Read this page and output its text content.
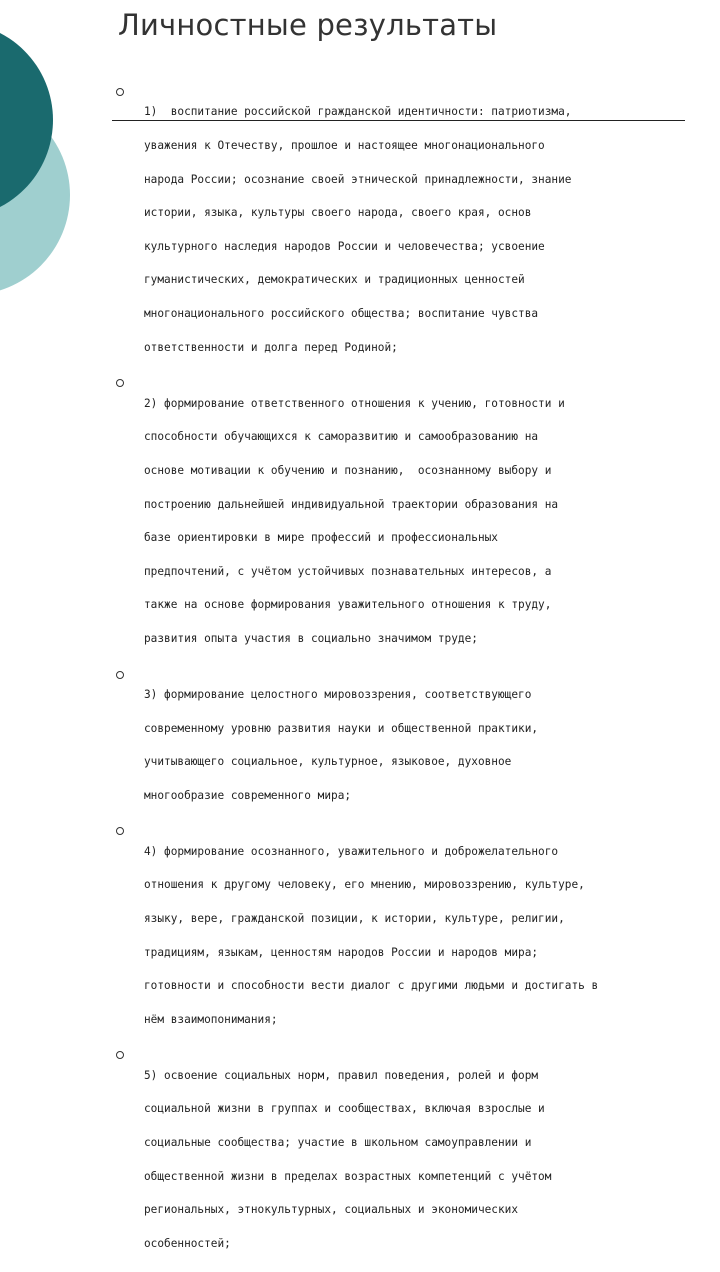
Личностные результаты

1)  воспитание российской гражданской идентичности: патриотизма,

уважения к Отечеству, прошлое и настоящее многонационального

народа России; осознание своей этнической принадлежности, знание

истории, языка, культуры своего народа, своего края, основ

культурного наследия народов России и человечества; усвоение

гуманистических, демократических и традиционных ценностей

многонационального российского общества; воспитание чувства

ответственности и долга перед Родиной;

2) формирование ответственного отношения к учению, готовности и

способности обучающихся к саморазвитию и самообразованию на

основе мотивации к обучению и познанию,  осознанному выбору и

построению дальнейшей индивидуальной траектории образования на

базе ориентировки в мире профессий и профессиональных

предпочтений, с учётом устойчивых познавательных интересов, а

также на основе формирования уважительного отношения к труду,

развития опыта участия в социально значимом труде;

3) формирование целостного мировоззрения, соответствующего

современному уровню развития науки и общественной практики,

учитывающего социальное, культурное, языковое, духовное

многообразие современного мира;

4) формирование осознанного, уважительного и доброжелательного

отношения к другому человеку, его мнению, мировоззрению, культуре,

языку, вере, гражданской позиции, к истории, культуре, религии,

традициям, языкам, ценностям народов России и народов мира;

готовности и способности вести диалог с другими людьми и достигать в

нём взаимопонимания;

5) освоение социальных норм, правил поведения, ролей и форм

социальной жизни в группах и сообществах, включая взрослые и

социальные сообщества; участие в школьном самоуправлении и

общественной жизни в пределах возрастных компетенций с учётом

региональных, этнокультурных, социальных и экономических

особенностей;
